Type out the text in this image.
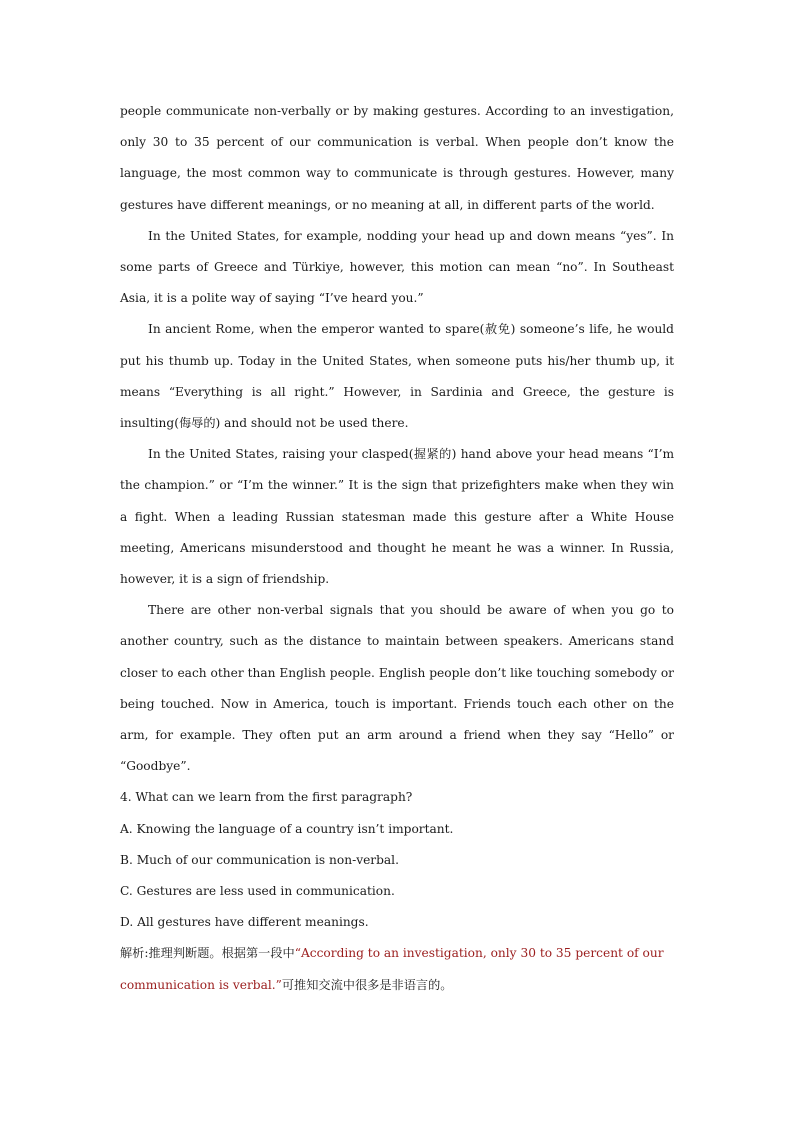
people communicate non-verbally or by making gestures. According to an investigation, only 30 to 35 percent of our communication is verbal. When people don’t know the language, the most common way to communicate is through gestures. However, many gestures have different meanings, or no meaning at all, in different parts of the world.

In the United States, for example, nodding your head up and down means “yes”. In some parts of Greece and Türkiye, however, this motion can mean “no”. In Southeast Asia, it is a polite way of saying “I’ve heard you.”

In ancient Rome, when the emperor wanted to spare(赦免) someone’s life, he would put his thumb up. Today in the United States, when someone puts his/her thumb up, it means “Everything is all right.” However, in Sardinia and Greece, the gesture is insulting(侮辱的) and should not be used there.

In the United States, raising your clasped(握紧的) hand above your head means “I’m the champion.” or “I’m the winner.” It is the sign that prizefighters make when they win a fight. When a leading Russian statesman made this gesture after a White House meeting, Americans misunderstood and thought he meant he was a winner. In Russia, however, it is a sign of friendship.

There are other non-verbal signals that you should be aware of when you go to another country, such as the distance to maintain between speakers. Americans stand closer to each other than English people. English people don’t like touching somebody or being touched. Now in America, touch is important. Friends touch each other on the arm, for example. They often put an arm around a friend when they say “Hello” or “Goodbye”.

4. What can we learn from the first paragraph?

A. Knowing the language of a country isn’t important.

B. Much of our communication is non-verbal.

C. Gestures are less used in communication.

D. All gestures have different meanings.

解析:推理判断题。根据第一段中“According to an investigation, only 30 to 35 percent of our communication is verbal.”可推知交流中很多是非语言的。
